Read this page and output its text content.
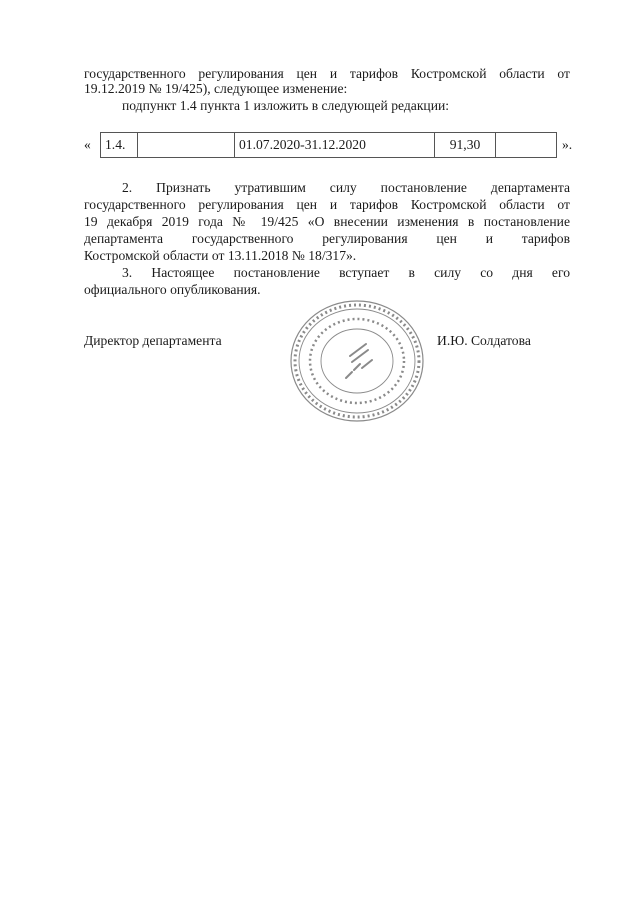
государственного регулирования цен и тарифов Костромской области от
19.12.2019 № 19/425), следующее изменение:
подпункт 1.4 пункта 1 изложить в следующей редакции:
« 1.4.		01.07.2020-31.12.2020	91,30		».
2. Признать утратившим силу постановление департамента
государственного регулирования цен и тарифов Костромской области от
19 декабря 2019 года № 19/425 «О внесении изменения в постановление
департамента государственного регулирования цен и тарифов
Костромской области от 13.11.2018 № 18/317».
3. Настоящее постановление вступает в силу со дня его
официального опубликования.
Директор департамента	И.Ю. Солдатова
